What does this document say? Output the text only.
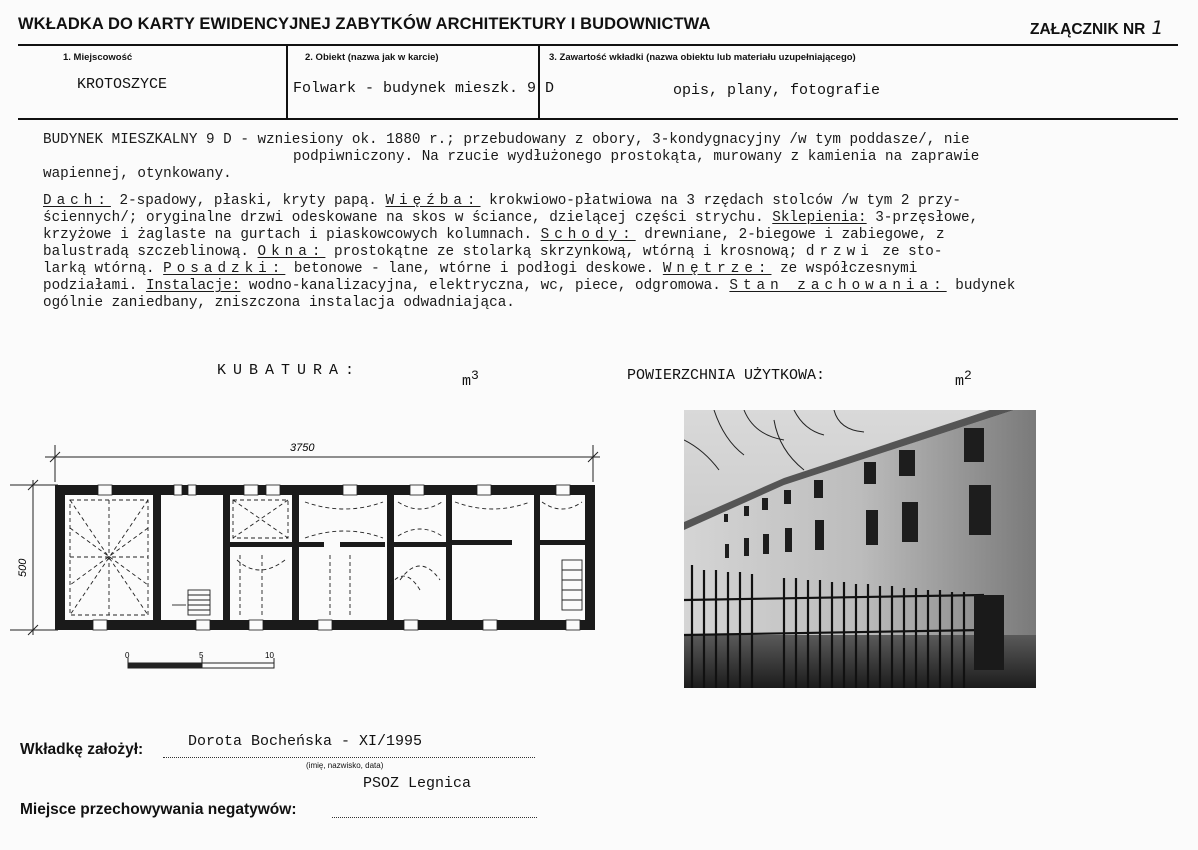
WKŁADKA DO KARTY EWIDENCYJNEJ ZABYTKÓW ARCHITEKTURY I BUDOWNICTWA	ZAŁĄCZNIK NR 1
1. Miejscowość
KROTOSZYCE
2. Obiekt (nazwa jak w karcie)
Folwark - budynek mieszk. 9 D
3. Zawartość wkładki (nazwa obiektu lub materiału uzupełniającego)
opis, plany, fotografie

BUDYNEK MIESZKALNY 9 D - wzniesiony ok. 1880 r.; przebudowany z obory, 3-kondygnacyjny /w tym poddasze/, nie

podpiwniczony. Na rzucie wydłużonego prostokąta, murowany z kamienia na zaprawie

wapiennej, otynkowany.

Dach: 2-spadowy, płaski, kryty papą. Więźba: krokwiowo-płatwiowa na 3 rzędach stolców /w tym 2 przy-

ściennych/; oryginalne drzwi odeskowane na skos w ściance, dzielącej części strychu. Sklepienia: 3-przęsłowe,

krzyżowe i żaglaste na gurtach i piaskowcowych kolumnach. Schody: drewniane, 2-biegowe i zabiegowe, z

balustradą szczeblinową. Okna: prostokątne ze stolarką skrzynkową, wtórną i krosnową; drzwi ze sto-

larką wtórną. Posadzki: betonowe - lane, wtórne i podłogi deskowe. Wnętrze: ze współczesnymi

podziałami. Instalacje: wodno-kanalizacyjna, elektryczna, wc, piece, odgromowa. Stan zachowania: budynek

ogólnie zaniedbany, zniszczona instalacja odwadniająca.

KUBATURA:
$m^3$	POWIERZCHNIA UŻYTKOWA:	$m^2$
3750
500
0	5	10
Wkładkę założył:	Dorota Bocheńska - XI/1995
(imię, nazwisko, data)
PSOZ Legnica
Miejsce przechowywania negatywów:
